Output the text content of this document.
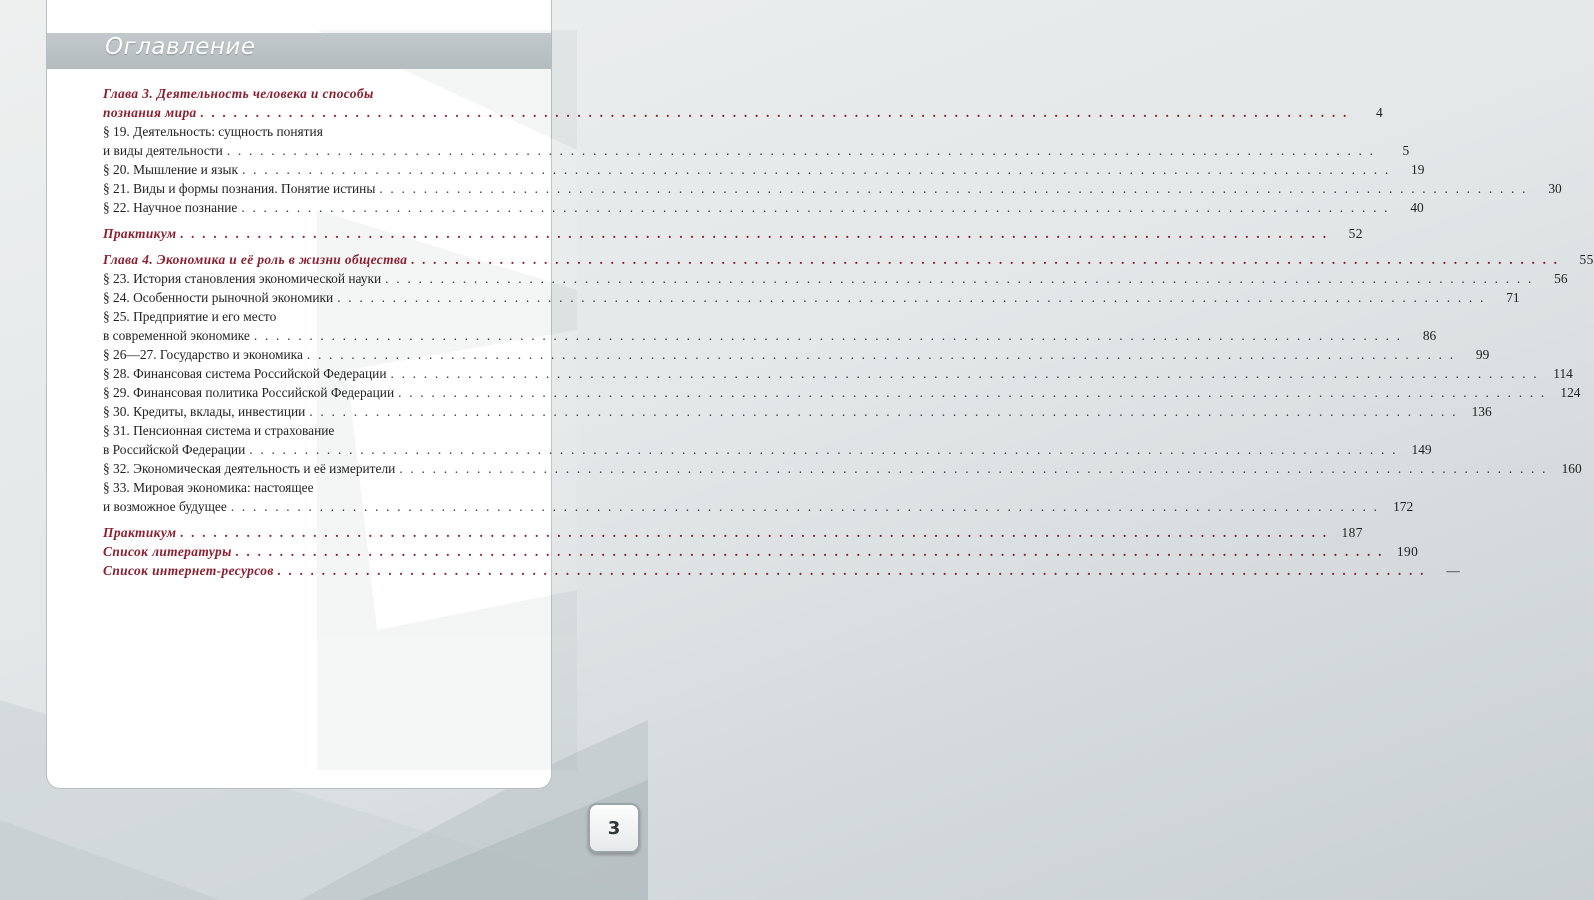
Оглавление
Глава 3. Деятельность человека и способы
познания мира . . .	4
§ 19. Деятельность: сущность понятия
и виды деятельности . . .	5
§ 20. Мышление и язык . . .	19
§ 21. Виды и формы познания. Понятие истины . . .	30
§ 22. Научное познание . . .	40
Практикум . . .	52
Глава 4. Экономика и её роль в жизни общества . . .	55
§ 23. История становления экономической науки . . .	56
§ 24. Особенности рыночной экономики . . .	71
§ 25. Предприятие и его место
в современной экономике . . .	86
§ 26—27. Государство и экономика . . .	99
§ 28. Финансовая система Российской Федерации . . .	114
§ 29. Финансовая политика Российской Федерации . . .	124
§ 30. Кредиты, вклады, инвестиции . . .	136
§ 31. Пенсионная система и страхование
в Российской Федерации . . .	149
§ 32. Экономическая деятельность и её измерители . . .	160
§ 33. Мировая экономика: настоящее
и возможное будущее . . .	172
Практикум . . .	187
Список литературы . . .	190
Список интернет-ресурсов . . .	—
3
